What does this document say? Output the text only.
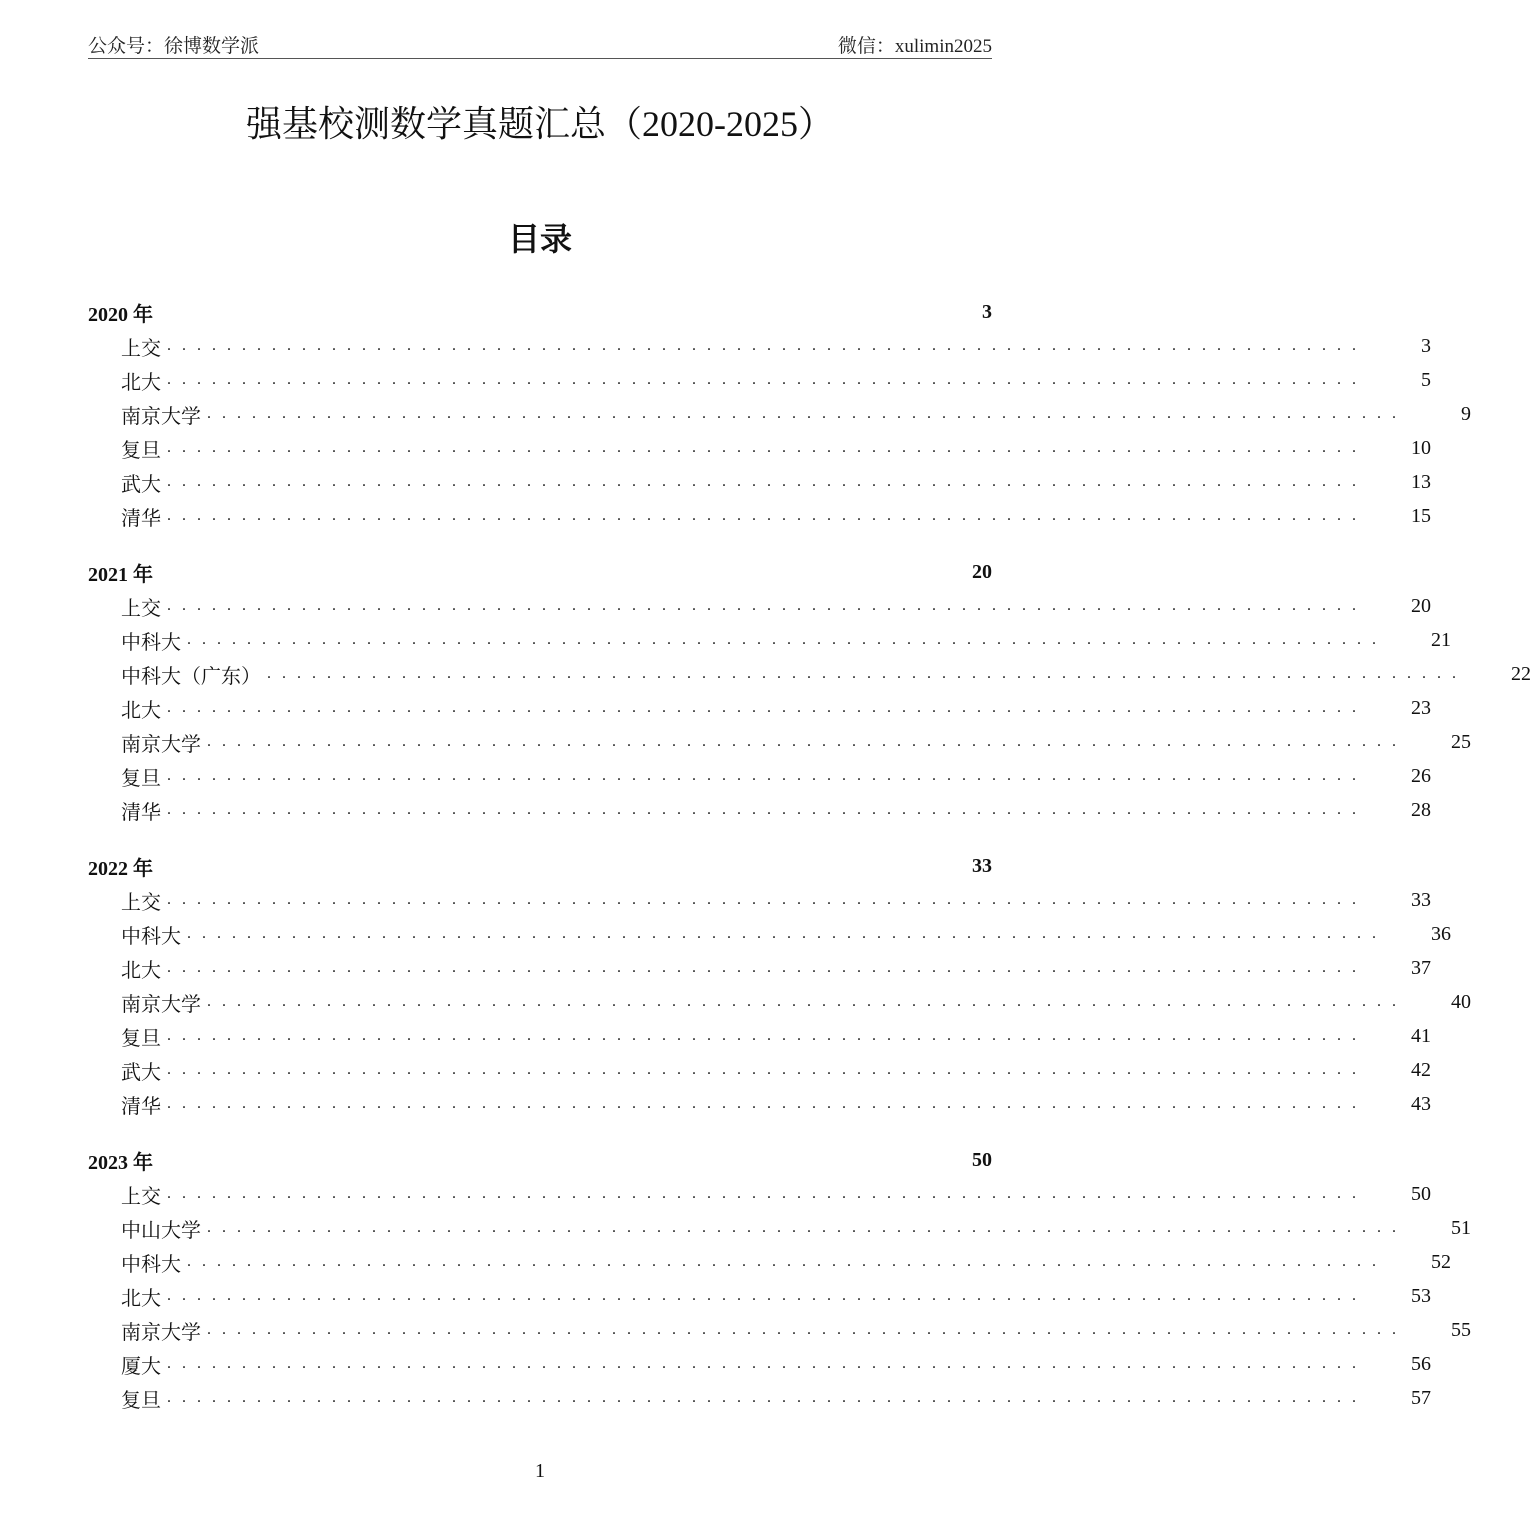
公众号：徐博数学派	微信：xulimin2025
强基校测数学真题汇总（2020-2025）
目录
2020 年	3
上交 ................................................................................	3
北大 ................................................................................	5
南京大学 ................................................................................	9
复旦 ................................................................................ 10
武大 ................................................................................ 13
清华 ................................................................................ 15
2021 年	20
上交 ................................................................................ 20
中科大 ................................................................................ 21
中科大（广东） ................................................................................ 22
北大 ................................................................................ 23
南京大学 ................................................................................ 25
复旦 ................................................................................ 26
清华 ................................................................................ 28
2022 年	33
上交 ................................................................................ 33
中科大 ................................................................................ 36
北大 ................................................................................ 37
南京大学 ................................................................................ 40
复旦 ................................................................................ 41
武大 ................................................................................ 42
清华 ................................................................................ 43
2023 年	50
上交 ................................................................................ 50
中山大学 ................................................................................ 51
中科大 ................................................................................ 52
北大 ................................................................................ 53
南京大学 ................................................................................ 55
厦大 ................................................................................ 56
复旦 ................................................................................ 57
1
